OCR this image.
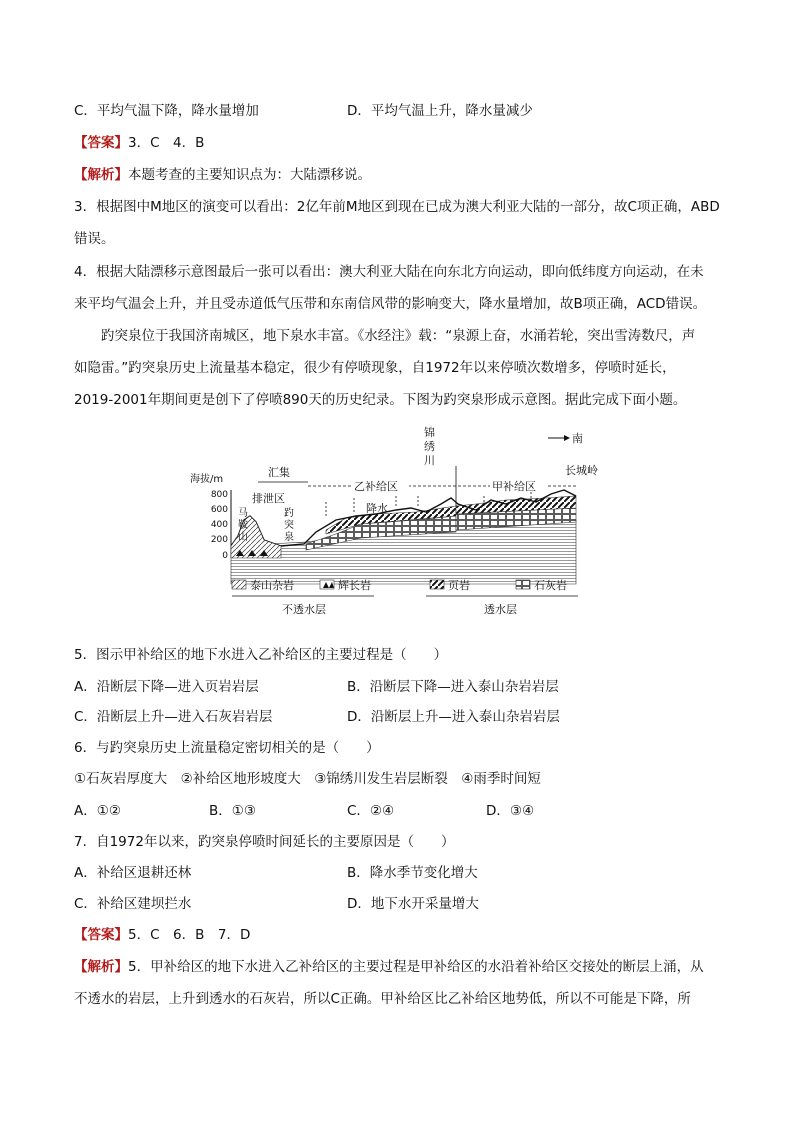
C．平均气温下降，降水量增加	D．平均气温上升，降水量减少
【答案】3．C　4．B
【解析】本题考查的主要知识点为：大陆漂移说。
3．根据图中M地区的演变可以看出：2亿年前M地区到现在已成为澳大利亚大陆的一部分，故C项正确，ABD
错误。
4．根据大陆漂移示意图最后一张可以看出：澳大利亚大陆在向东北方向运动，即向低纬度方向运动，在未
来平均气温会上升，并且受赤道低气压带和东南信风带的影响变大，降水量增加，故B项正确，ACD错误。
趵突泉位于我国济南城区，地下泉水丰富。《水经注》载：“泉源上奋，水涌若轮，突出雪涛数尺，声
如隐雷。”趵突泉历史上流量基本稳定，很少有停喷现象，自1972年以来停喷次数增多，停喷时延长，
2019-2001年期间更是创下了停喷890天的历史纪录。下图为趵突泉形成示意图。据此完成下面小题。
锦
绣
川
南
长城岭
海拔/m
800
600
400
200
0
汇集
排泄区
乙补给区	甲补给区
马
鞍
山
趵
突
泉
降水
泰山杂岩	辉长岩	页岩	石灰岩
不透水层	透水层
5．图示甲补给区的地下水进入乙补给区的主要过程是（　　）
A．沿断层下降—进入页岩岩层	B．沿断层下降—进入泰山杂岩岩层
C．沿断层上升—进入石灰岩岩层	D．沿断层上升—进入泰山杂岩岩层
6．与趵突泉历史上流量稳定密切相关的是（　　）
①石灰岩厚度大　②补给区地形坡度大　③锦绣川发生岩层断裂　④雨季时间短
A．①②	B．①③	C．②④	D．③④
7．自1972年以来，趵突泉停喷时间延长的主要原因是（　　）
A．补给区退耕还林	B．降水季节变化增大
C．补给区建坝拦水	D．地下水开采量增大
【答案】5．C　6．B　7．D
【解析】5．甲补给区的地下水进入乙补给区的主要过程是甲补给区的水沿着补给区交接处的断层上涌，从
不透水的岩层，上升到透水的石灰岩，所以C正确。甲补给区比乙补给区地势低，所以不可能是下降，所
